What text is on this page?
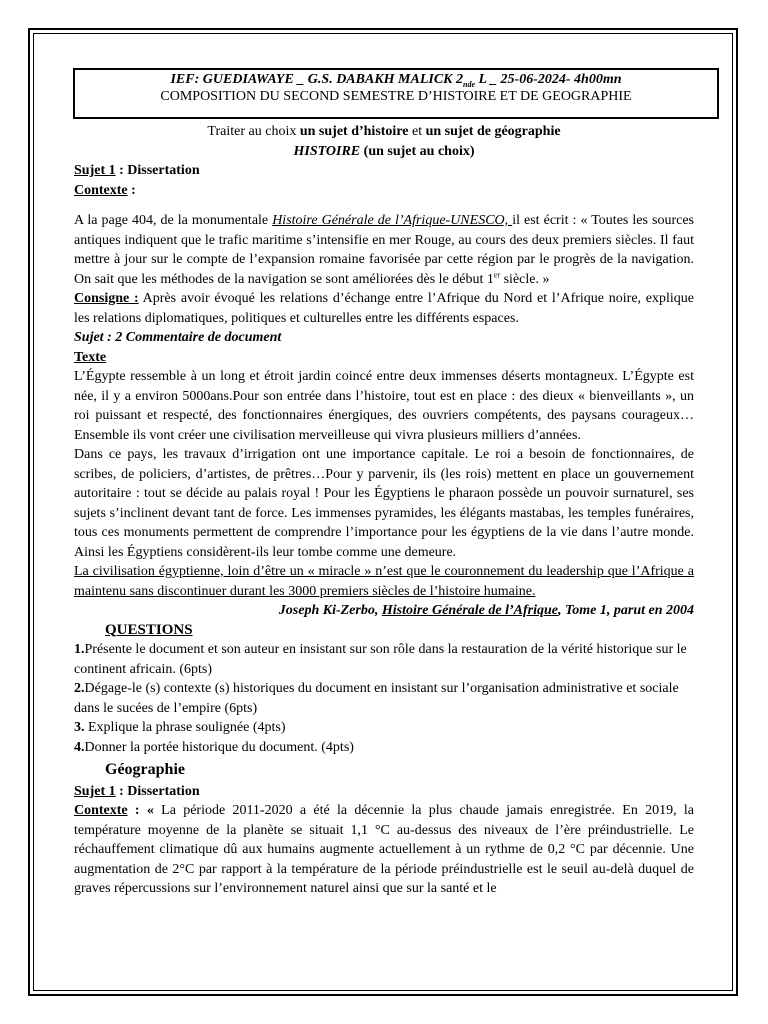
IEF: GUEDIAWAYE _ G.S. DABAKH MALICK $2_{nde}$ L _ 25-06-2024- 4h00mn
COMPOSITION DU SECOND SEMESTRE D’HISTOIRE ET DE GEOGRAPHIE

Traiter au choix un sujet d’histoire et un sujet de géographie

HISTOIRE (un sujet au choix)

Sujet 1 : Dissertation

Contexte :

A la page 404, de la monumentale Histoire Générale de l’Afrique-UNESCO, il est écrit : « Toutes les sources antiques indiquent que le trafic maritime s’intensifie en mer Rouge, au cours des deux premiers siècles. Il faut mettre à jour sur le compte de l’expansion romaine favorisée par cette région par le progrès de la navigation. On sait que les méthodes de la navigation se sont améliorées dès le début 1er siècle. »

Consigne : Après avoir évoqué les relations d’échange entre l’Afrique du Nord et l’Afrique noire, explique les relations diplomatiques, politiques et culturelles entre les différents espaces.

Sujet : 2 Commentaire de document

Texte

L’Égypte ressemble à un long et étroit jardin coincé entre deux immenses déserts montagneux. L’Égypte est née, il y a environ 5000ans.Pour son entrée dans l’histoire, tout est en place : des dieux « bienveillants », un roi puissant et respecté, des fonctionnaires énergiques, des ouvriers compétents, des paysans courageux…Ensemble ils vont créer une civilisation merveilleuse qui vivra plusieurs milliers d’années.

Dans ce pays, les travaux d’irrigation ont une importance capitale. Le roi a besoin de fonctionnaires, de scribes, de policiers, d’artistes, de prêtres…Pour y parvenir, ils (les rois) mettent en place un gouvernement autoritaire : tout se décide au palais royal ! Pour les Égyptiens le pharaon possède un pouvoir surnaturel, ses sujets s’inclinent devant tant de force. Les immenses pyramides, les élégants mastabas, les temples funéraires, tous ces monuments permettent de comprendre l’importance pour les égyptiens de la vie dans l’autre monde. Ainsi les Égyptiens considèrent-ils leur tombe comme une demeure.

La civilisation égyptienne, loin d’être un « miracle » n’est que le couronnement du leadership que l’Afrique a maintenu sans discontinuer durant les 3000 premiers siècles de l’histoire humaine.

Joseph Ki-Zerbo, Histoire Générale de l’Afrique, Tome 1, parut en 2004

QUESTIONS

1.Présente le document et son auteur en insistant sur son rôle dans la restauration de la vérité historique sur le continent africain. (6pts)

2.Dégage-le (s) contexte (s) historiques du document en insistant sur l’organisation administrative et sociale dans le sucées de l’empire (6pts)

3. Explique la phrase soulignée (4pts)

4.Donner la portée historique du document. (4pts)

Géographie

Sujet 1 : Dissertation

Contexte : « La période 2011-2020 a été la décennie la plus chaude jamais enregistrée. En 2019, la température moyenne de la planète se situait 1,1 °C au-dessus des niveaux de l’ère préindustrielle. Le réchauffement climatique dû aux humains augmente actuellement à un rythme de 0,2 °C par décennie. Une augmentation de 2°C par rapport à la température de la période préindustrielle est le seuil au-delà duquel de graves répercussions sur l’environnement naturel ainsi que sur la santé et le
